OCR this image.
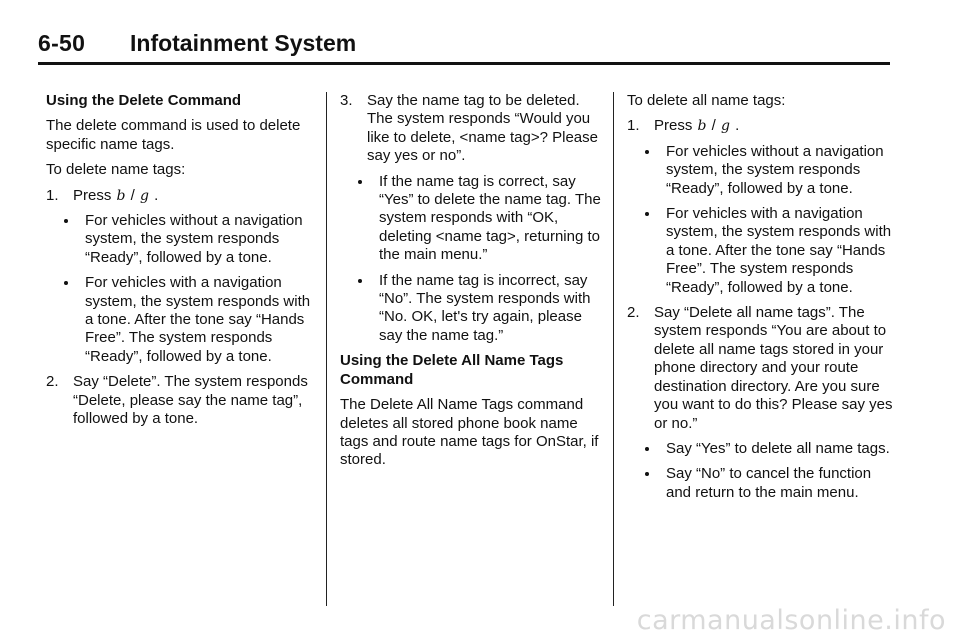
6-50 Infotainment System
Using the Delete Command
The delete command is used to delete specific name tags.
To delete name tags:
1. Press b / g .
For vehicles without a navigation system, the system responds “Ready”, followed by a tone.
For vehicles with a navigation system, the system responds with a tone. After the tone say “Hands Free”. The system responds “Ready”, followed by a tone.
2. Say “Delete”. The system responds “Delete, please say the name tag”, followed by a tone.
3. Say the name tag to be deleted. The system responds “Would you like to delete, <name tag>? Please say yes or no”.
If the name tag is correct, say “Yes” to delete the name tag. The system responds with “OK, deleting <name tag>, returning to the main menu.”
If the name tag is incorrect, say “No”. The system responds with “No. OK, let's try again, please say the name tag.”
Using the Delete All Name Tags Command
The Delete All Name Tags command deletes all stored phone book name tags and route name tags for OnStar, if stored.
To delete all name tags:
1. Press b / g .
For vehicles without a navigation system, the system responds “Ready”, followed by a tone.
For vehicles with a navigation system, the system responds with a tone. After the tone say “Hands Free”. The system responds “Ready”, followed by a tone.
2. Say “Delete all name tags”. The system responds “You are about to delete all name tags stored in your phone directory and your route destination directory. Are you sure you want to do this? Please say yes or no.”
Say “Yes” to delete all name tags.
Say “No” to cancel the function and return to the main menu.
carmanualsonline.info
